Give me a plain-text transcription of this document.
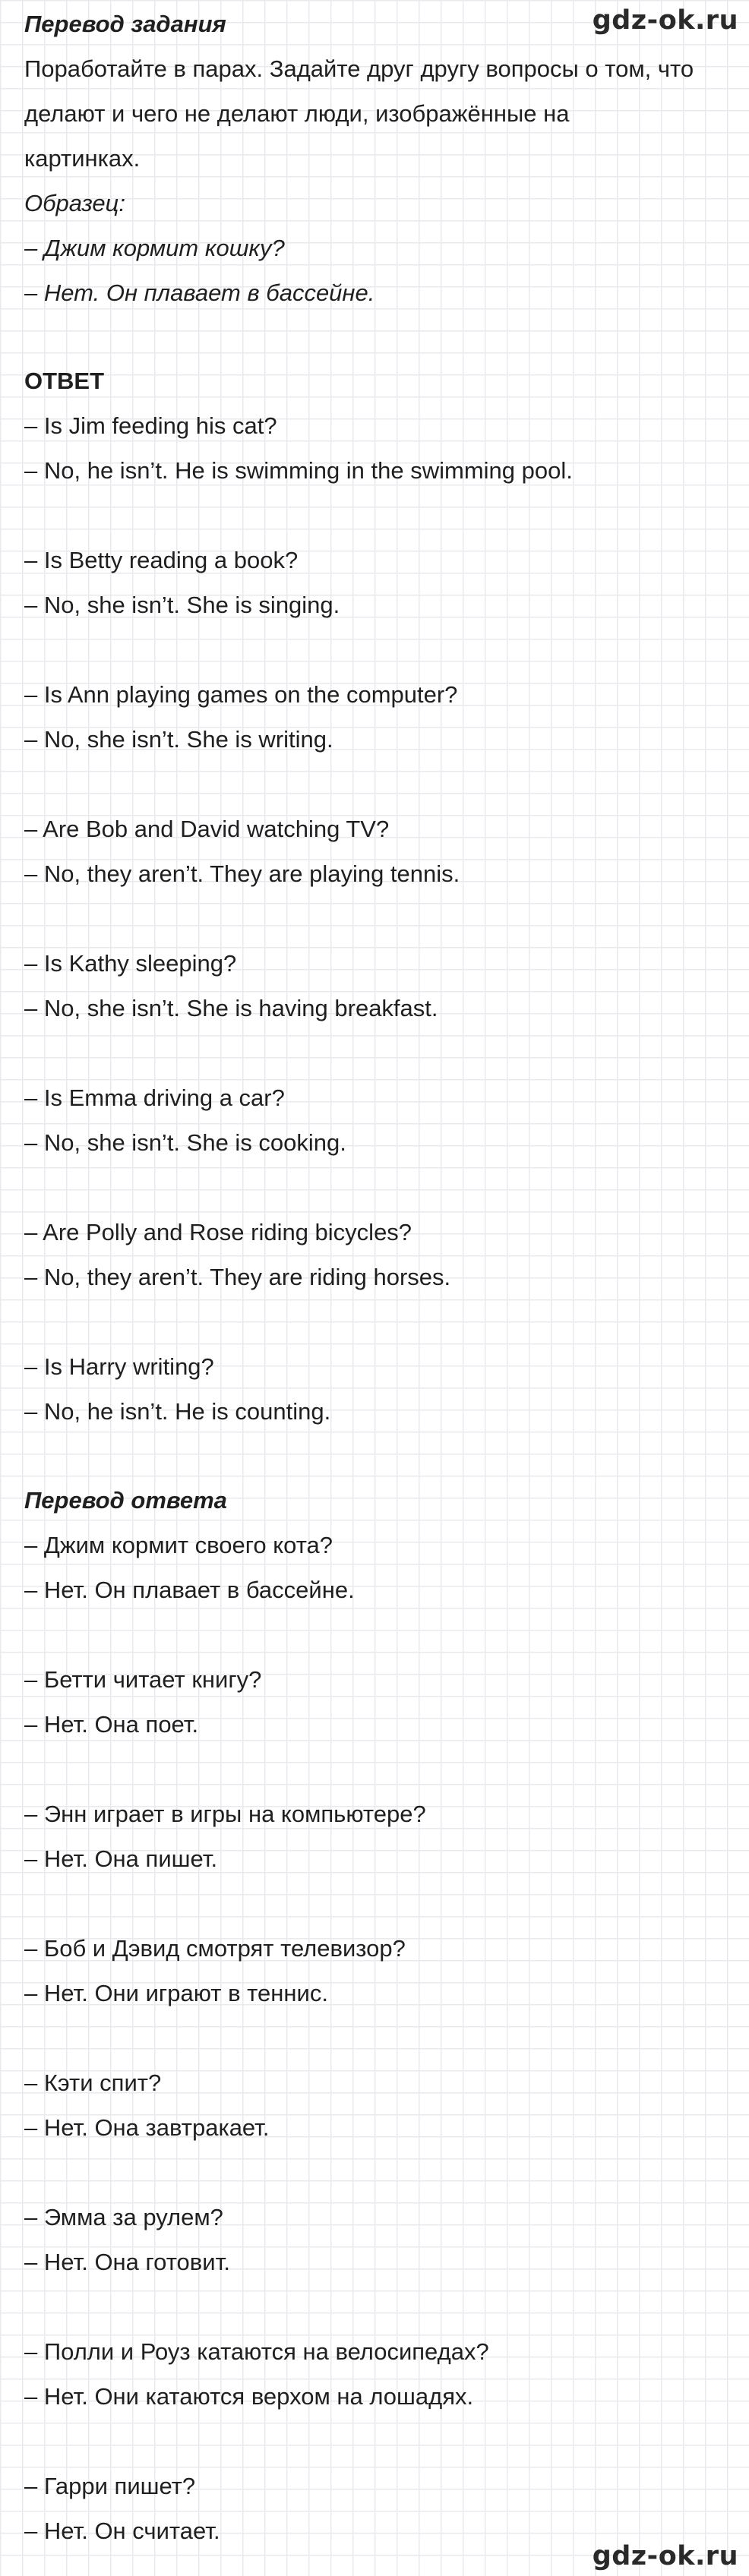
gdz-ok.ru
Перевод задания
Поработайте в парах. Задайте друг другу вопросы о том, что
делают и чего не делают люди, изображённые на
картинках.
Образец:
– Джим кормит кошку?
– Нет. Он плавает в бассейне.
ОТВЕТ
– Is Jim feeding his cat?
– No, he isn’t. He is swimming in the swimming pool.
– Is Betty reading a book?
– No, she isn’t. She is singing.
– Is Ann playing games on the computer?
– No, she isn’t. She is writing.
– Are Bob and David watching TV?
– No, they aren’t. They are playing tennis.
– Is Kathy sleeping?
– No, she isn’t. She is having breakfast.
– Is Emma driving a car?
– No, she isn’t. She is cooking.
– Are Polly and Rose riding bicycles?
– No, they aren’t. They are riding horses.
– Is Harry writing?
– No, he isn’t. He is counting.
Перевод ответа
– Джим кормит своего кота?
– Нет. Он плавает в бассейне.
– Бетти читает книгу?
– Нет. Она поет.
– Энн играет в игры на компьютере?
– Нет. Она пишет.
– Боб и Дэвид смотрят телевизор?
– Нет. Они играют в теннис.
– Кэти спит?
– Нет. Она завтракает.
– Эмма за рулем?
– Нет. Она готовит.
– Полли и Роуз катаются на велосипедах?
– Нет. Они катаются верхом на лошадях.
– Гарри пишет?
– Нет. Он считает.
gdz-ok.ru
